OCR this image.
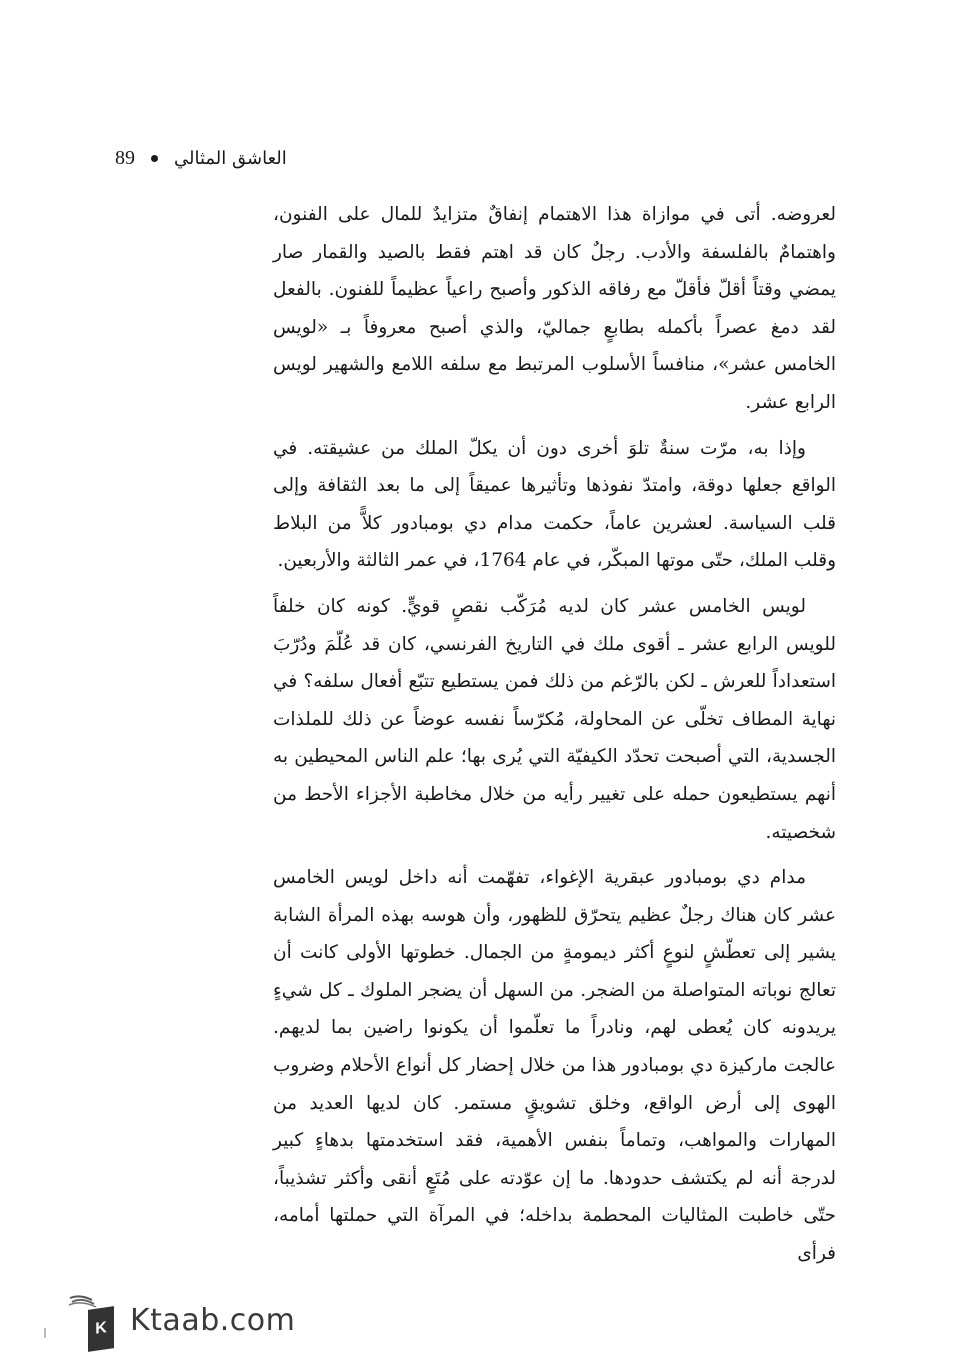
89 العاشق المثالي

لعروضه. أتى في موازاة هذا الاهتمام إنفاقٌ متزايدٌ للمال على الفنون، واهتمامٌ بالفلسفة والأدب. رجلٌ كان قد اهتم فقط بالصيد والقمار صار يمضي وقتاً أقلّ فأقلّ مع رفاقه الذكور وأصبح راعياً عظيماً للفنون. بالفعل لقد دمغ عصراً بأكمله بطابعٍ جماليّ، والذي أصبح معروفاً بـ «لويس الخامس عشر»، منافساً الأسلوب المرتبط مع سلفه اللامع والشهير لويس الرابع عشر.

وإذا به، مرّت سنةٌ تلوَ أخرى دون أن يكلّ الملك من عشيقته. في الواقع جعلها دوقة، وامتدّ نفوذها وتأثيرها عميقاً إلى ما بعد الثقافة وإلى قلب السياسة. لعشرين عاماً، حكمت مدام دي بومبادور كلاًّ من البلاط وقلب الملك، حتّى موتها المبكّر، في عام 1764، في عمر الثالثة والأربعين.

لويس الخامس عشر كان لديه مُرَكّب نقصٍ قويٍّ. كونه كان خلفاً للويس الرابع عشر ـ أقوى ملك في التاريخ الفرنسي، كان قد عُلّمَ ودُرّبَ استعداداً للعرش ـ لكن بالرّغم من ذلك فمن يستطيع تتبّع أفعال سلفه؟ في نهاية المطاف تخلّى عن المحاولة، مُكرّساً نفسه عوضاً عن ذلك للملذات الجسدية، التي أصبحت تحدّد الكيفيّة التي يُرى بها؛ علم الناس المحيطين به أنهم يستطيعون حمله على تغيير رأيه من خلال مخاطبة الأجزاء الأحط من شخصيته.

مدام دي بومبادور عبقرية الإغواء، تفهّمت أنه داخل لويس الخامس عشر كان هناك رجلٌ عظيم يتحرّق للظهور، وأن هوسه بهذه المرأة الشابة يشير إلى تعطّشٍ لنوعٍ أكثر ديمومةٍ من الجمال. خطوتها الأولى كانت أن تعالج نوباته المتواصلة من الضجر. من السهل أن يضجر الملوك ـ كل شيءٍ يريدونه كان يُعطى لهم، ونادراً ما تعلّموا أن يكونوا راضين بما لديهم. عالجت ماركيزة دي بومبادور هذا من خلال إحضار كل أنواع الأحلام وضروب الهوى إلى أرض الواقع، وخلق تشويقٍ مستمر. كان لديها العديد من المهارات والمواهب، وتماماً بنفس الأهمية، فقد استخدمتها بدهاءٍ كبير لدرجة أنه لم يكتشف حدودها. ما إن عوّدته على مُتَعٍ أنقى وأكثر تشذيباً، حتّى خاطبت المثاليات المحطمة بداخله؛ في المرآة التي حملتها أمامه، فرأى

K Ktaab.com
